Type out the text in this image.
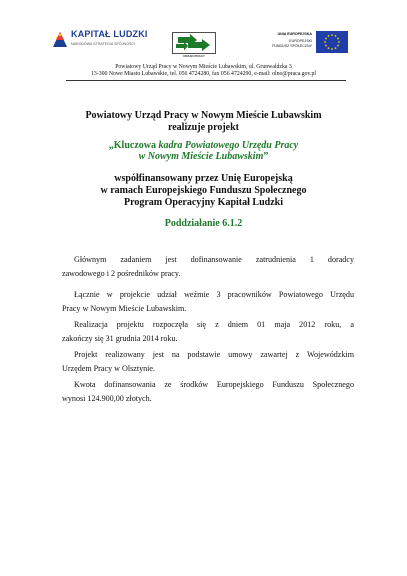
KAPITAŁ LUDZKI
NARODOWA STRATEGIA SPÓJNOŚCI
URZĄD PRACY
UNIA EUROPEJSKA
EUROPEJSKI
FUNDUSZ SPOŁECZNY
Powiatowy Urząd Pracy w Nowym Mieście Lubawskim, ul. Grunwaldzka 3
13-300 Nowe Miasto Lubawskie, tel. 056 4724280, fax 056 4724290, e-mail: olno@praca.gov.pl
Powiatowy Urząd Pracy w Nowym Mieście Lubawskim
realizuje projekt
„Kluczowa kadra Powiatowego Urzędu Pracy
w Nowym Mieście Lubawskim”
współfinansowany przez Unię Europejską
w ramach Europejskiego Funduszu Społecznego
Program Operacyjny Kapitał Ludzki
Poddziałanie 6.1.2
Głównym zadaniem jest dofinansowanie zatrudnienia 1 doradcy
zawodowego i 2 pośredników pracy.
Łącznie w projekcie udział weźmie 3 pracowników Powiatowego Urzędu
Pracy w Nowym Mieście Lubawskim.
Realizacja projektu rozpoczęła się z dniem 01 maja 2012 roku, a
zakończy się 31 grudnia 2014 roku.
Projekt realizowany jest na podstawie umowy zawartej z Wojewódzkim
Urzędem Pracy w Olsztynie.
Kwota dofinansowania ze środków Europejskiego Funduszu Społecznego
wynosi 124.900,00 złotych.
